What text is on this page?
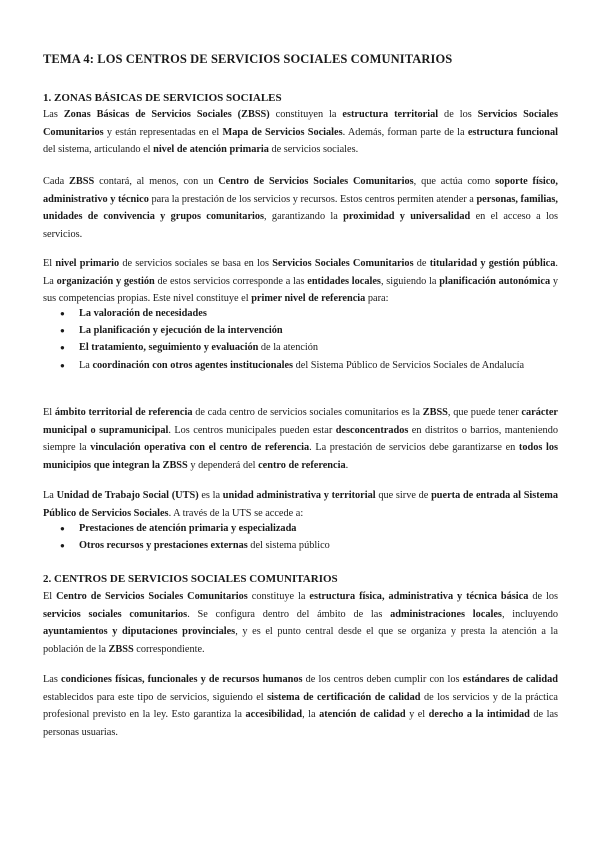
TEMA 4: LOS CENTROS DE SERVICIOS SOCIALES COMUNITARIOS
1. ZONAS BÁSICAS DE SERVICIOS SOCIALES
Las Zonas Básicas de Servicios Sociales (ZBSS) constituyen la estructura territorial de los Servicios Sociales Comunitarios y están representadas en el Mapa de Servicios Sociales. Además, forman parte de la estructura funcional del sistema, articulando el nivel de atención primaria de servicios sociales.
Cada ZBSS contará, al menos, con un Centro de Servicios Sociales Comunitarios, que actúa como soporte físico, administrativo y técnico para la prestación de los servicios y recursos. Estos centros permiten atender a personas, familias, unidades de convivencia y grupos comunitarios, garantizando la proximidad y universalidad en el acceso a los servicios.
El nivel primario de servicios sociales se basa en los Servicios Sociales Comunitarios de titularidad y gestión pública. La organización y gestión de estos servicios corresponde a las entidades locales, siguiendo la planificación autonómica y sus competencias propias. Este nivel constituye el primer nivel de referencia para:
● La valoración de necesidades
● La planificación y ejecución de la intervención
● El tratamiento, seguimiento y evaluación de la atención
● La coordinación con otros agentes institucionales del Sistema Público de Servicios Sociales de Andalucía
El ámbito territorial de referencia de cada centro de servicios sociales comunitarios es la ZBSS, que puede tener carácter municipal o supramunicipal. Los centros municipales pueden estar desconcentrados en distritos o barrios, manteniendo siempre la vinculación operativa con el centro de referencia. La prestación de servicios debe garantizarse en todos los municipios que integran la ZBSS y dependerá del centro de referencia.
La Unidad de Trabajo Social (UTS) es la unidad administrativa y territorial que sirve de puerta de entrada al Sistema Público de Servicios Sociales. A través de la UTS se accede a:
● Prestaciones de atención primaria y especializada
● Otros recursos y prestaciones externas del sistema público
2. CENTROS DE SERVICIOS SOCIALES COMUNITARIOS
El Centro de Servicios Sociales Comunitarios constituye la estructura física, administrativa y técnica básica de los servicios sociales comunitarios. Se configura dentro del ámbito de las administraciones locales, incluyendo ayuntamientos y diputaciones provinciales, y es el punto central desde el que se organiza y presta la atención a la población de la ZBSS correspondiente.
Las condiciones físicas, funcionales y de recursos humanos de los centros deben cumplir con los estándares de calidad establecidos para este tipo de servicios, siguiendo el sistema de certificación de calidad de los servicios y de la práctica profesional previsto en la ley. Esto garantiza la accesibilidad, la atención de calidad y el derecho a la intimidad de las personas usuarias.
